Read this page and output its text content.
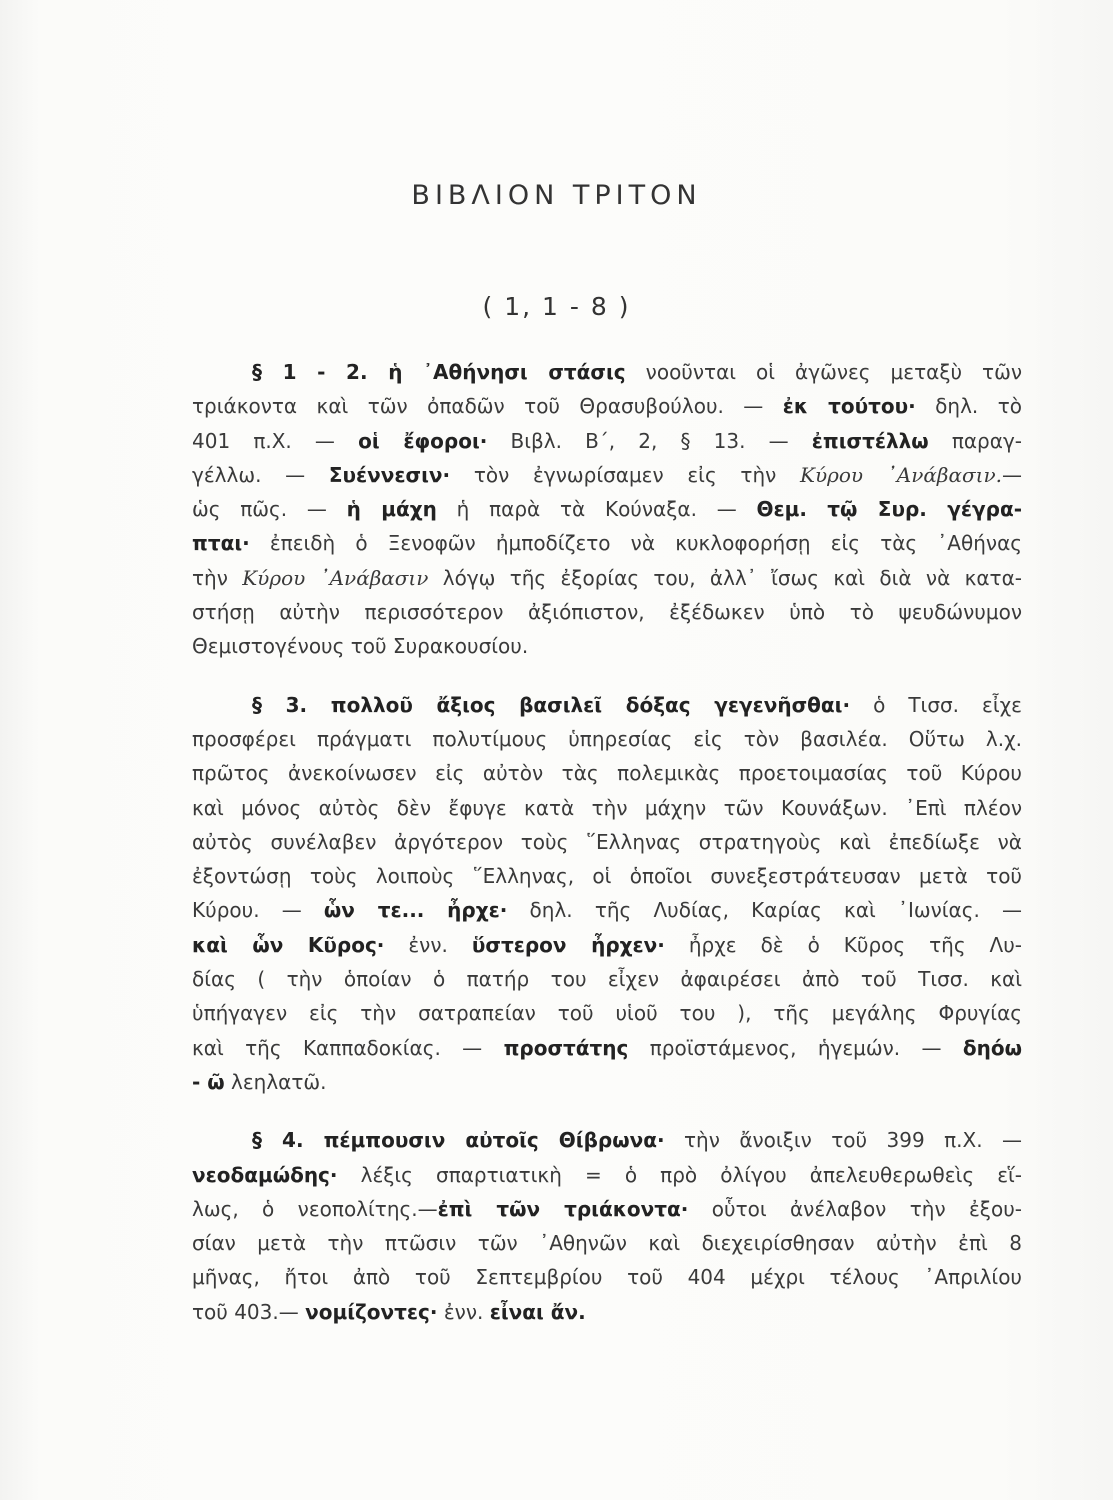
ΒΙΒΛΙΟΝ ΤΡΙΤΟΝ
( 1, 1 - 8 )
§ 1 - 2. ἡ ᾿Αθήνησι στάσις νοοῦνται οἱ ἀγῶνες μεταξὺ τῶν
τριάκοντα καὶ τῶν ὀπαδῶν τοῦ Θρασυβούλου. — ἐκ τούτου· δηλ. τὸ
401 π.Χ. — οἱ ἔφοροι· Βιβλ. Β΄, 2, § 13. — ἐπιστέλλω παραγ-
γέλλω. — Συέννεσιν· τὸν ἐγνωρίσαμεν εἰς τὴν Κύρου ᾿Ανάβασιν.—
ὡς πῶς. — ἡ μάχη ἡ παρὰ τὰ Κούναξα. — Θεμ. τῷ Συρ. γέγρα-
πται· ἐπειδὴ ὁ Ξενοφῶν ἠμποδίζετο νὰ κυκλοφορήσῃ εἰς τὰς ᾿Αθήνας
τὴν Κύρου ᾿Ανάβασιν λόγῳ τῆς ἐξορίας του, ἀλλ᾿ ἴσως καὶ διὰ νὰ κατα-
στήσῃ αὐτὴν περισσότερον ἀξιόπιστον, ἐξέδωκεν ὑπὸ τὸ ψευδώνυμον
Θεμιστογένους τοῦ Συρακουσίου.
§ 3. πολλοῦ ἄξιος βασιλεῖ δόξας γεγενῆσθαι· ὁ Τισσ. εἶχε
προσφέρει πράγματι πολυτίμους ὑπηρεσίας εἰς τὸν βασιλέα. Οὕτω λ.χ.
πρῶτος ἀνεκοίνωσεν εἰς αὐτὸν τὰς πολεμικὰς προετοιμασίας τοῦ Κύρου
καὶ μόνος αὐτὸς δὲν ἔφυγε κατὰ τὴν μάχην τῶν Κουνάξων. ᾿Επὶ πλέον
αὐτὸς συνέλαβεν ἀργότερον τοὺς ῞Ελληνας στρατηγοὺς καὶ ἐπεδίωξε νὰ
ἐξοντώσῃ τοὺς λοιποὺς ῞Ελληνας, οἱ ὁποῖοι συνεξεστράτευσαν μετὰ τοῦ
Κύρου. — ὧν τε... ἦρχε· δηλ. τῆς Λυδίας, Καρίας καὶ ᾿Ιωνίας. —
καὶ ὧν Κῦρος· ἐνν. ὕστερον ἦρχεν· ἦρχε δὲ ὁ Κῦρος τῆς Λυ-
δίας ( τὴν ὁποίαν ὁ πατήρ του εἶχεν ἀφαιρέσει ἀπὸ τοῦ Τισσ. καὶ
ὑπήγαγεν εἰς τὴν σατραπείαν τοῦ υἱοῦ του ), τῆς μεγάλης Φρυγίας
καὶ τῆς Καππαδοκίας. — προστάτης προϊστάμενος, ἡγεμών. — δηόω
- ῶ λεηλατῶ.
§ 4. πέμπουσιν αὐτοῖς Θίβρωνα· τὴν ἄνοιξιν τοῦ 399 π.Χ. —
νεοδαμώδης· λέξις σπαρτιατικὴ = ὁ πρὸ ὀλίγου ἀπελευθερωθεὶς εἵ-
λως, ὁ νεοπολίτης.—ἐπὶ τῶν τριάκοντα· οὗτοι ἀνέλαβον τὴν ἐξου-
σίαν μετὰ τὴν πτῶσιν τῶν ᾿Αθηνῶν καὶ διεχειρίσθησαν αὐτὴν ἐπὶ 8
μῆνας, ἤτοι ἀπὸ τοῦ Σεπτεμβρίου τοῦ 404 μέχρι τέλους ᾿Απριλίου
τοῦ 403.— νομίζοντες· ἐνν. εἶναι ἄν.
